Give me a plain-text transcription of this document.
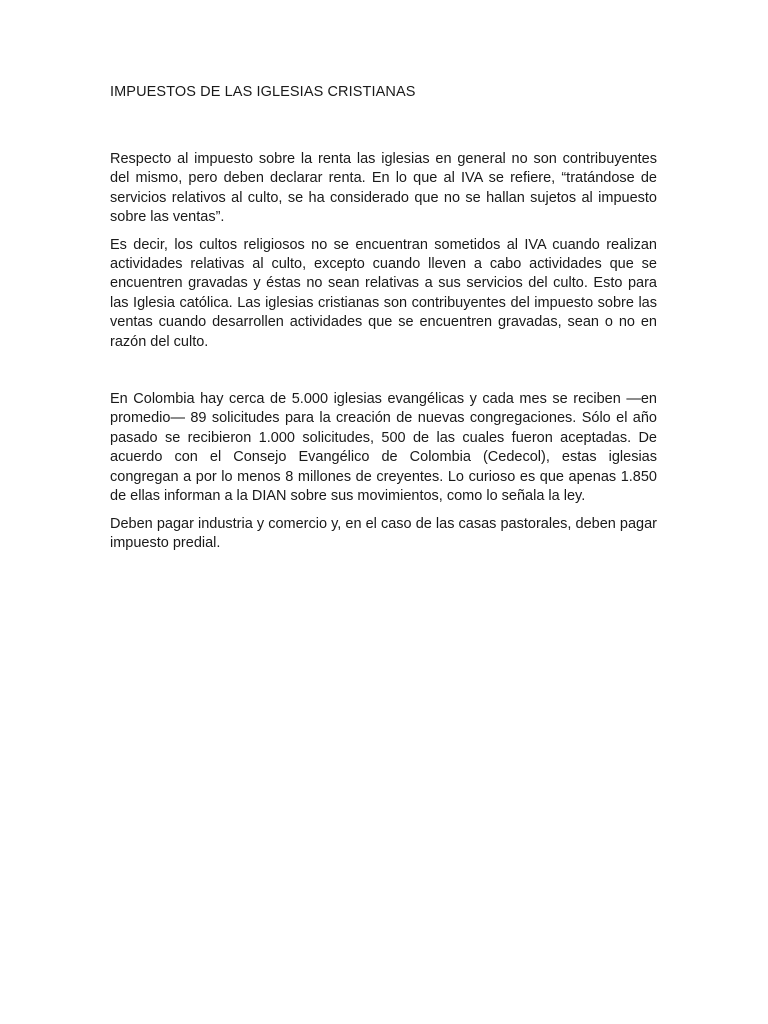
IMPUESTOS DE LAS IGLESIAS CRISTIANAS

Respecto al impuesto sobre la renta las iglesias en general no son contribuyentes del mismo, pero deben declarar renta. En lo que al IVA se refiere, “tratándose de servicios relativos al culto, se ha considerado que no se hallan sujetos al impuesto sobre las ventas”.

Es decir, los cultos religiosos no se encuentran sometidos al IVA cuando realizan actividades relativas al culto, excepto cuando lleven a cabo actividades que se encuentren gravadas y éstas no sean relativas a sus servicios del culto. Esto para las Iglesia católica. Las iglesias cristianas son contribuyentes del impuesto sobre las ventas cuando desarrollen actividades que se encuentren gravadas, sean o no en razón del culto.

En Colombia hay cerca de 5.000 iglesias evangélicas y cada mes se reciben —en promedio— 89 solicitudes para la creación de nuevas congregaciones. Sólo el año pasado se recibieron 1.000 solicitudes, 500 de las cuales fueron aceptadas. De acuerdo con el Consejo Evangélico de Colombia (Cedecol), estas iglesias congregan a por lo menos 8 millones de creyentes. Lo curioso es que apenas 1.850 de ellas informan a la DIAN sobre sus movimientos, como lo señala la ley.

Deben pagar industria y comercio y, en el caso de las casas pastorales, deben pagar impuesto predial.
